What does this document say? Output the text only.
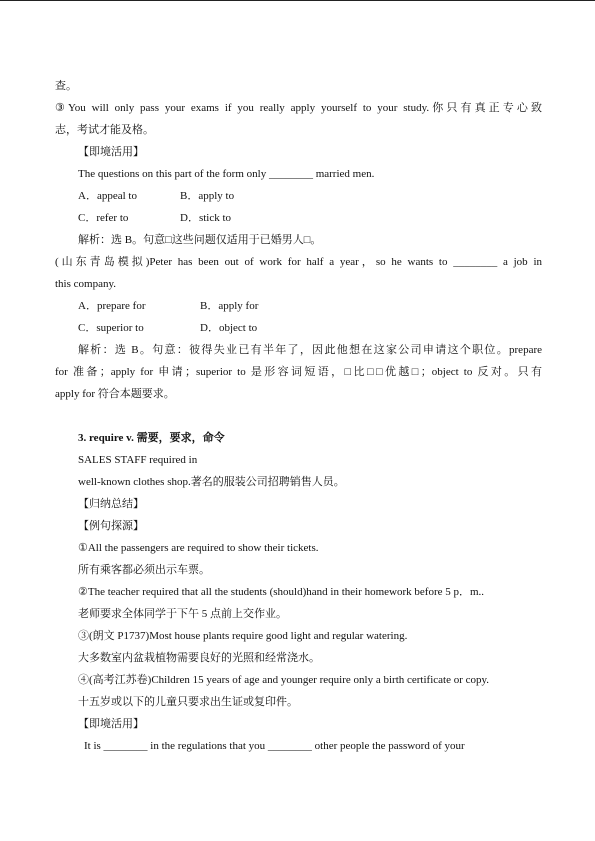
查。
③You will only pass your exams if you really apply yourself to your study.你只有真正专心致
志，考试才能及格。
【即境活用】
The questions on this part of the form only ________ married men.
A．appeal to	B．apply to
C．refer to	D．stick to
解析：选 B。句意□这些问题仅适用于已婚男人□。
(山东青岛模拟)Peter has been out of work for half a year，so he wants to ________ a job in
this company.
A．prepare for	B．apply for
C．superior to	D．object to
解析：选 B。句意：彼得失业已有半年了，因此他想在这家公司申请这个职位。prepare
for 准备；apply for 申请；superior to 是形容词短语，□比□□优越□；object to 反对。只有
apply for 符合本题要求。
3. require v. 需要，要求，命令
SALES STAFF required in
well-known clothes shop.著名的服装公司招聘销售人员。
【归纳总结】
【例句探源】
①All the passengers are required to show their tickets.
所有乘客都必须出示车票。
②The teacher required that all the students (should)hand in their homework before 5 p．m..
老师要求全体同学于下午 5 点前上交作业。
③(朗文 P1737)Most house plants require good light and regular watering.
大多数室内盆栽植物需要良好的光照和经常浇水。
④(高考江苏卷)Children 15 years of age and younger require only a birth certificate or copy.
十五岁或以下的儿童只要求出生证或复印件。
【即境活用】
It is ________ in the regulations that you ________ other people the password of your
